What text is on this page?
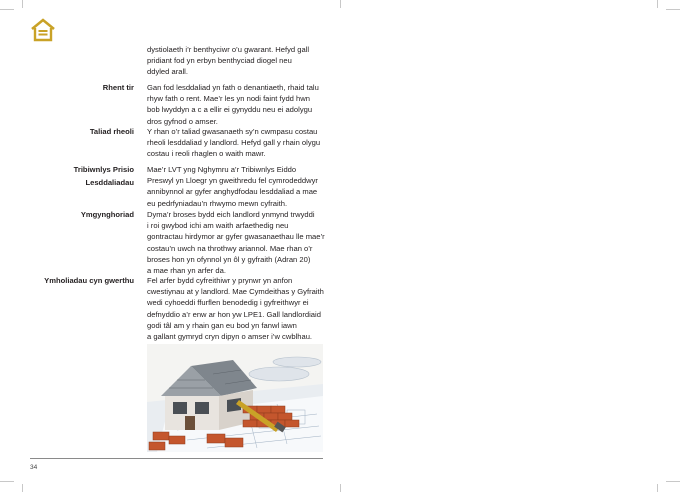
dystiolaeth i’r benthyciwr o’u gwarant. Hefyd gall
pridiant fod yn erbyn benthyciad diogel neu
ddyled arall.
Rhent tir Gan fod lesddaliad yn fath o denantiaeth, rhaid talu
rhyw fath o rent. Mae’r les yn nodi faint fydd hwn
bob lwyddyn a c a ellir ei gynyddu neu ei adolygu
dros gyfnod o amser.
Taliad rheoli Y rhan o’r taliad gwasanaeth sy’n cwmpasu costau
rheoli lesddaliad y landlord. Hefyd gall y rhain olygu
costau i reoli rhaglen o waith mawr.
Tribiwnlys Prisio
Lesddaliadau
Mae’r LVT yng Nghymru a’r Tribiwnlys Eiddo
Preswyl yn Lloegr yn gweithredu fel cymrodeddwyr
annibynnol ar gyfer anghydfodau lesddaliad a mae
eu pedrfyniadau’n rhwymo mewn cyfraith.
Ymgynghoriad Dyma’r broses bydd eich landlord ynmynd trwyddi
i roi gwybod ichi am waith arfaethedig neu
gontractau hirdymor ar gyfer gwasanaethau lle mae’r
costau’n uwch na throthwy ariannol. Mae rhan o’r
broses hon yn ofynnol yn ôl y gyfraith (Adran 20)
a mae rhan yn arfer da.
Ymholiadau cyn gwerthu Fel arfer bydd cyfreithiwr y prynwr yn anfon
cwestiynau at y landlord. Mae Cymdeithas y Gyfraith
wedi cyhoeddi ffurflen benodedig i gyfreithwyr ei
defnyddio a’r enw ar hon yw LPE1. Gall landlordiaid
godi tâl am y rhain gan eu bod yn fanwl iawn
a gallant gymryd cryn dipyn o amser i’w cwblhau.
34
